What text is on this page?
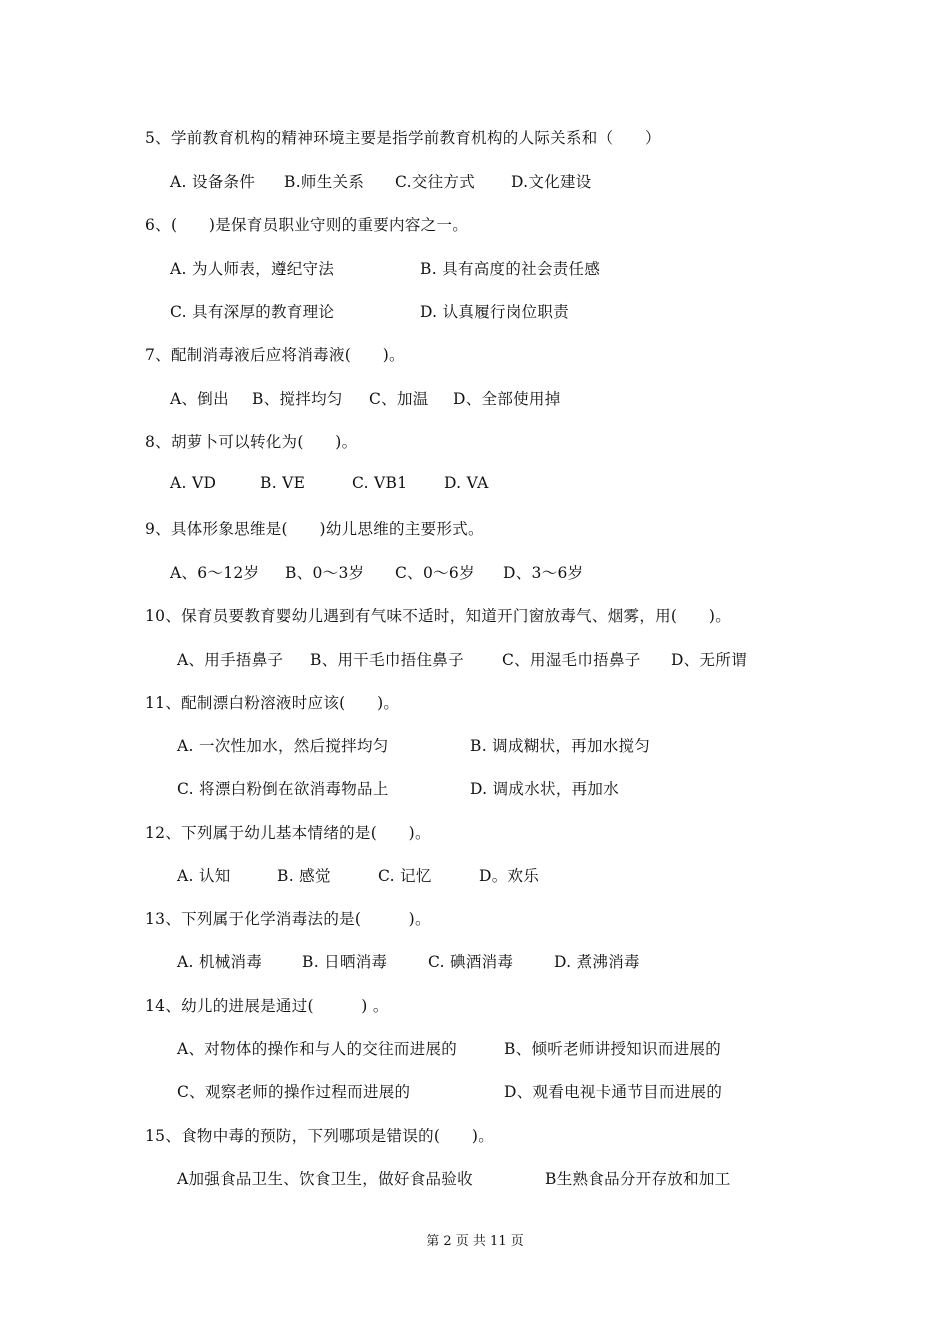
5、学前教育机构的精神环境主要是指学前教育机构的人际关系和（　　）
A. 设备条件 B.师生关系 C.交往方式 D.文化建设
6、(　　)是保育员职业守则的重要内容之一。
A. 为人师表，遵纪守法	B. 具有高度的社会责任感
C. 具有深厚的教育理论	D. 认真履行岗位职责
7、配制消毒液后应将消毒液(　　)。
A、倒出 B、搅拌均匀 C、加温 D、全部使用掉
8、胡萝卜可以转化为(　　)。
A. VD	B. VE	C. VB1 D. VA
9、具体形象思维是(　　)幼儿思维的主要形式。
A、6～12岁 B、0～3岁 C、0～6岁 D、3～6岁
10、保育员要教育婴幼儿遇到有气味不适时，知道开门窗放毒气、烟雾，用(　　)。
A、用手捂鼻子 B、用干毛巾捂住鼻子 C、用湿毛巾捂鼻子 D、无所谓
11、配制漂白粉溶液时应该(　　)。
A. 一次性加水，然后搅拌均匀	B. 调成糊状，再加水搅匀
C. 将漂白粉倒在欲消毒物品上	D. 调成水状，再加水
12、下列属于幼儿基本情绪的是(　　)。
A. 认知	B. 感觉	C. 记忆	D。欢乐
13、下列属于化学消毒法的是(　　　)。
A. 机械消毒	B. 日晒消毒	C. 碘酒消毒	D. 煮沸消毒
14、幼儿的进展是通过(　　　) 。
A、对物体的操作和与人的交往而进展的	B、倾听老师讲授知识而进展的
C、观察老师的操作过程而进展的	D、观看电视卡通节目而进展的
15、食物中毒的预防，下列哪项是错误的(　　)。
A加强食品卫生、饮食卫生，做好食品验收	B生熟食品分开存放和加工
第 2 页 共 11 页
